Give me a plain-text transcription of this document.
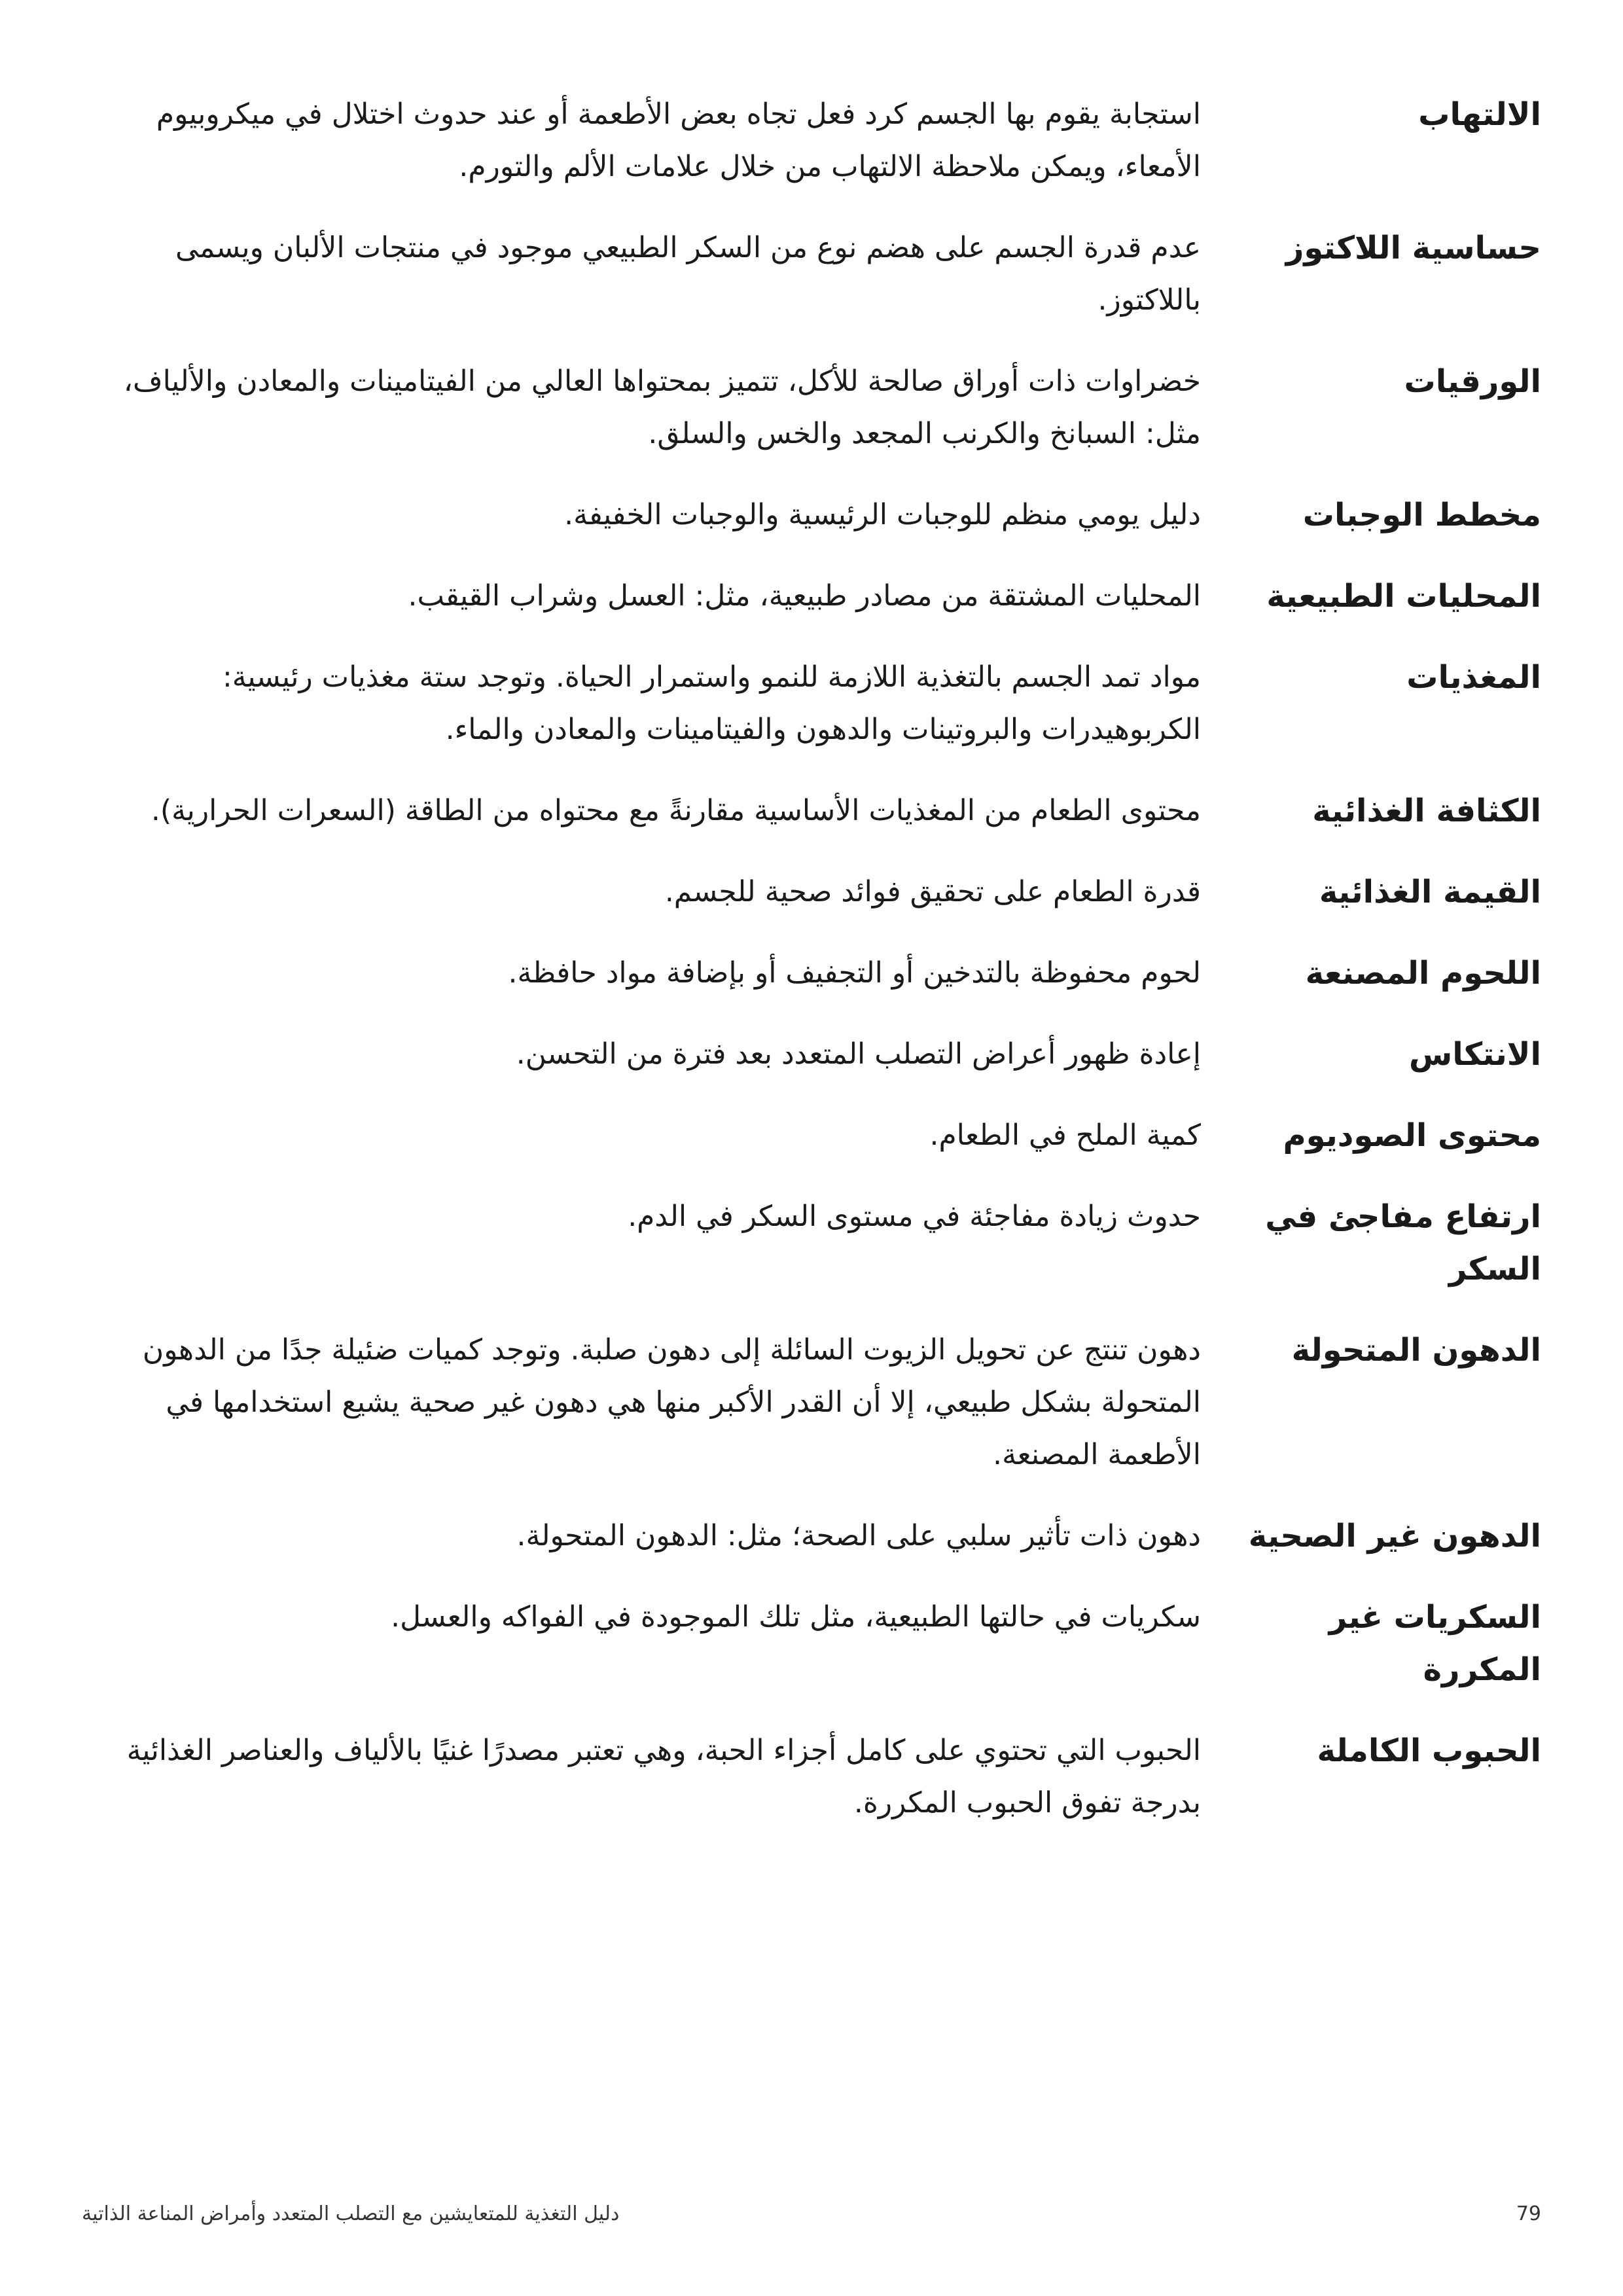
الالتهاب
استجابة يقوم بها الجسم كرد فعل تجاه بعض الأطعمة أو عند حدوث اختلال في ميكروبيوم الأمعاء، ويمكن ملاحظة الالتهاب من خلال علامات الألم والتورم.
حساسية اللاكتوز
عدم قدرة الجسم على هضم نوع من السكر الطبيعي موجود في منتجات الألبان ويسمى باللاكتوز.
الورقيات
خضراوات ذات أوراق صالحة للأكل، تتميز بمحتواها العالي من الفيتامينات والمعادن والألياف، مثل: السبانخ والكرنب المجعد والخس والسلق.
مخطط الوجبات
دليل يومي منظم للوجبات الرئيسية والوجبات الخفيفة.
المحليات الطبيعية
المحليات المشتقة من مصادر طبيعية، مثل: العسل وشراب القيقب.
المغذيات
مواد تمد الجسم بالتغذية اللازمة للنمو واستمرار الحياة. وتوجد ستة مغذيات رئيسية: الكربوهيدرات والبروتينات والدهون والفيتامينات والمعادن والماء.
الكثافة الغذائية
محتوى الطعام من المغذيات الأساسية مقارنةً مع محتواه من الطاقة (السعرات الحرارية).
القيمة الغذائية
قدرة الطعام على تحقيق فوائد صحية للجسم.
اللحوم المصنعة
لحوم محفوظة بالتدخين أو التجفيف أو بإضافة مواد حافظة.
الانتكاس
إعادة ظهور أعراض التصلب المتعدد بعد فترة من التحسن.
محتوى الصوديوم
كمية الملح في الطعام.
ارتفاع مفاجئ في السكر
حدوث زيادة مفاجئة في مستوى السكر في الدم.
الدهون المتحولة
دهون تنتج عن تحويل الزيوت السائلة إلى دهون صلبة. وتوجد كميات ضئيلة جدًا من الدهون المتحولة بشكل طبيعي، إلا أن القدر الأكبر منها هي دهون غير صحية يشيع استخدامها في الأطعمة المصنعة.
الدهون غير الصحية
دهون ذات تأثير سلبي على الصحة؛ مثل: الدهون المتحولة.
السكريات غير المكررة
سكريات في حالتها الطبيعية، مثل تلك الموجودة في الفواكه والعسل.
الحبوب الكاملة
الحبوب التي تحتوي على كامل أجزاء الحبة، وهي تعتبر مصدرًا غنيًا بالألياف والعناصر الغذائية بدرجة تفوق الحبوب المكررة.
دليل التغذية للمتعايشين مع التصلب المتعدد وأمراض المناعة الذاتية	79
